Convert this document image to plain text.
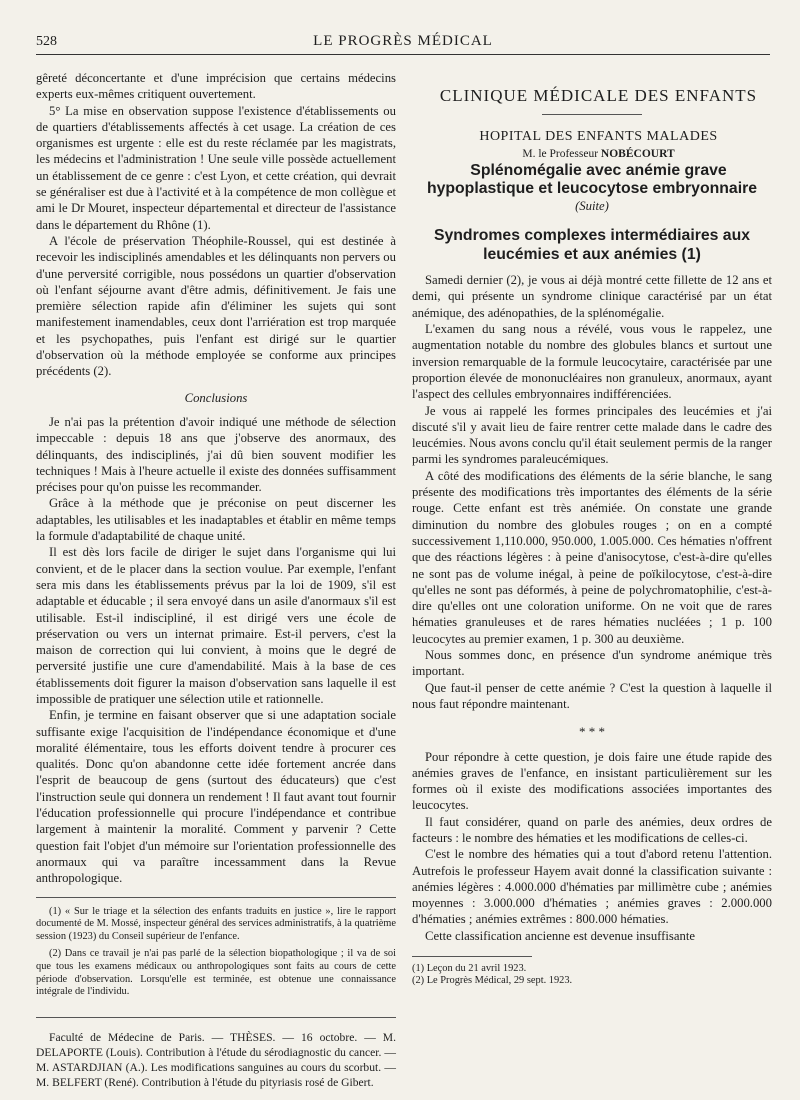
528	LE PROGRÈS MÉDICAL

gêreté déconcertante et d'une imprécision que certains médecins experts eux-mêmes critiquent ouvertement.

5° La mise en observation suppose l'existence d'établissements ou de quartiers d'établissements affectés à cet usage. La création de ces organismes est urgente : elle est du reste réclamée par les magistrats, les médecins et l'administration ! Une seule ville possède actuellement un établissement de ce genre : c'est Lyon, et cette création, qui devrait se généraliser est due à l'activité et à la compétence de mon collègue et ami le Dr Mouret, inspecteur départemental et directeur de l'assistance dans le département du Rhône (1).

A l'école de préservation Théophile-Roussel, qui est destinée à recevoir les indisciplinés amendables et les délinquants non pervers ou d'une perversité corrigible, nous possédons un quartier d'observation où l'enfant séjourne avant d'être admis, définitivement. Je fais une première sélection rapide afin d'éliminer les sujets qui sont manifestement inamendables, ceux dont l'arriération est trop marquée et les psychopathes, puis l'enfant est dirigé sur le quartier d'observation où la méthode employée se conforme aux principes précédents (2).

Conclusions

Je n'ai pas la prétention d'avoir indiqué une méthode de sélection impeccable : depuis 18 ans que j'observe des anormaux, des délinquants, des indisciplinés, j'ai dû bien souvent modifier les techniques ! Mais à l'heure actuelle il existe des données suffisamment précises pour qu'on puisse les recommander.

Grâce à la méthode que je préconise on peut discerner les adaptables, les utilisables et les inadaptables et établir en même temps la formule d'adaptabilité de chaque unité.

Il est dès lors facile de diriger le sujet dans l'organisme qui lui convient, et de le placer dans la section voulue. Par exemple, l'enfant sera mis dans les établissements prévus par la loi de 1909, s'il est adaptable et éducable ; il sera envoyé dans un asile d'anormaux s'il est utilisable. Est-il indiscipliné, il est dirigé vers une école de préservation ou vers un internat primaire. Est-il pervers, c'est la maison de correction qui lui convient, à moins que le degré de perversité justifie une cure d'amendabilité. Mais à la base de ces établissements doit figurer la maison d'observation sans laquelle il est impossible de pratiquer une sélection utile et rationnelle.

Enfin, je termine en faisant observer que si une adaptation sociale suffisante exige l'acquisition de l'indépendance économique et d'une moralité élémentaire, tous les efforts doivent tendre à procurer ces qualités. Donc qu'on abandonne cette idée fortement ancrée dans l'esprit de beaucoup de gens (surtout des éducateurs) que c'est l'instruction seule qui donnera un rendement ! Il faut avant tout fournir l'éducation professionnelle qui procure l'indépendance et contribue largement à maintenir la moralité. Comment y parvenir ? Cette question fait l'objet d'un mémoire sur l'orientation professionnelle des anormaux qui va paraître incessamment dans la Revue anthropologique.

(1) « Sur le triage et la sélection des enfants traduits en justice », lire le rapport documenté de M. Mossé, inspecteur général des services administratifs, à la quatrième session (1923) du Conseil supérieur de l'enfance.

(2) Dans ce travail je n'ai pas parlé de la sélection biopathologique ; il va de soi que tous les examens médicaux ou anthropologiques sont faits au cours de cette période d'observation. Lorsqu'elle est terminée, est obtenue une connaissance intégrale de l'individu.

Faculté de Médecine de Paris. — THÈSES. — 16 octobre. — M. DELAPORTE (Louis). Contribution à l'étude du sérodiagnostic du cancer. — M. ASTARDJIAN (A.). Les modifications sanguines au cours du scorbut. — M. BELFERT (René). Contribution à l'étude du pityriasis rosé de Gibert.

CLINIQUE MÉDICALE DES ENFANTS

HOPITAL DES ENFANTS MALADES

M. le Professeur NOBÉCOURT

Splénomégalie avec anémie grave hypoplastique et leucocytose embryonnaire

(Suite)

Syndromes complexes intermédiaires aux leucémies et aux anémies (1)

Samedi dernier (2), je vous ai déjà montré cette fillette de 12 ans et demi, qui présente un syndrome clinique caractérisé par un état anémique, des adénopathies, de la splénomégalie.

L'examen du sang nous a révélé, vous vous le rappelez, une augmentation notable du nombre des globules blancs et surtout une inversion remarquable de la formule leucocytaire, caractérisée par une proportion élevée de mononucléaires non granuleux, anormaux, ayant l'aspect des cellules embryonnaires indifférenciées.

Je vous ai rappelé les formes principales des leucémies et j'ai discuté s'il y avait lieu de faire rentrer cette malade dans le cadre des leucémies. Nous avons conclu qu'il était seulement permis de la ranger parmi les syndromes paraleucémiques.

A côté des modifications des éléments de la série blanche, le sang présente des modifications très importantes des éléments de la série rouge. Cette enfant est très anémiée. On constate une grande diminution du nombre des globules rouges ; on en a compté successivement 1,110.000, 950.000, 1.005.000. Ces hématies n'offrent que des réactions légères : à peine d'anisocytose, c'est-à-dire qu'elles ne sont pas de volume inégal, à peine de poïkilocytose, c'est-à-dire qu'elles ne sont pas déformés, à peine de polychromatophilie, c'est-à-dire qu'elles ont une coloration uniforme. On ne voit que de rares hématies granuleuses et de rares hématies nucléées ; 1 p. 100 leucocytes au premier examen, 1 p. 300 au deuxième.

Nous sommes donc, en présence d'un syndrome anémique très important.

Que faut-il penser de cette anémie ? C'est la question à laquelle il nous faut répondre maintenant.

* * *

Pour répondre à cette question, je dois faire une étude rapide des anémies graves de l'enfance, en insistant particulièrement sur les formes où il existe des modifications associées importantes des leucocytes.

Il faut considérer, quand on parle des anémies, deux ordres de facteurs : le nombre des hématies et les modifications de celles-ci.

C'est le nombre des hématies qui a tout d'abord retenu l'attention. Autrefois le professeur Hayem avait donné la classification suivante : anémies légères : 4.000.000 d'hématies par millimètre cube ; anémies moyennes : 3.000.000 d'hématies ; anémies graves : 2.000.000 d'hématies ; anémies extrêmes : 800.000 hématies.

Cette classification ancienne est devenue insuffisante

(1) Leçon du 21 avril 1923.

(2) Le Progrès Médical, 29 sept. 1923.
